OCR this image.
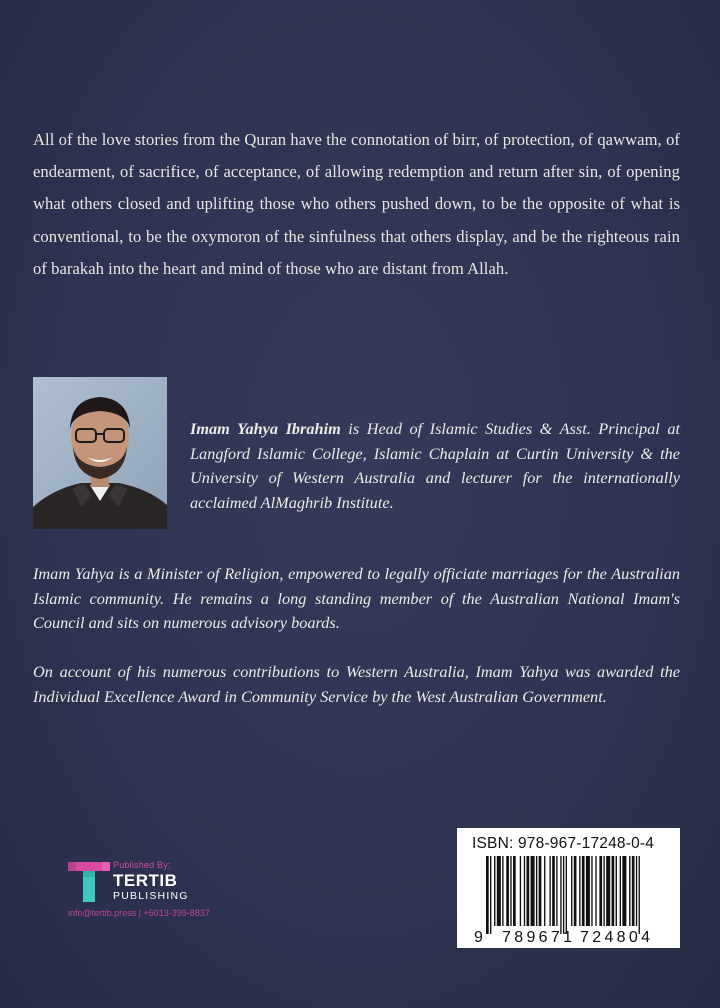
All of the love stories from the Quran have the connotation of birr, of protection, of qawwam, of endearment, of sacrifice, of acceptance, of allowing redemption and return after sin, of opening what others closed and uplifting those who others pushed down, to be the opposite of what is conventional, to be the oxymoron of the sinfulness that others display, and be the righteous rain of barakah into the heart and mind of those who are distant from Allah.
Imam Yahya Ibrahim is Head of Islamic Studies & Asst. Principal at Langford Islamic College, Islamic Chaplain at Curtin University & the University of Western Australia and lecturer for the internationally acclaimed AlMaghrib Institute.
Imam Yahya is a Minister of Religion, empowered to legally officiate marriages for the Australian Islamic community. He remains a long standing member of the Australian National Imam's Council and sits on numerous advisory boards.
On account of his numerous contributions to Western Australia, Imam Yahya was awarded the Individual Excellence Award in Community Service by the West Australian Government.
Published By:
TERTIB
PUBLISHING
info@tertib.press | +6013-399-8837
ISBN: 978-967-17248-0-4
9 789671 724804
